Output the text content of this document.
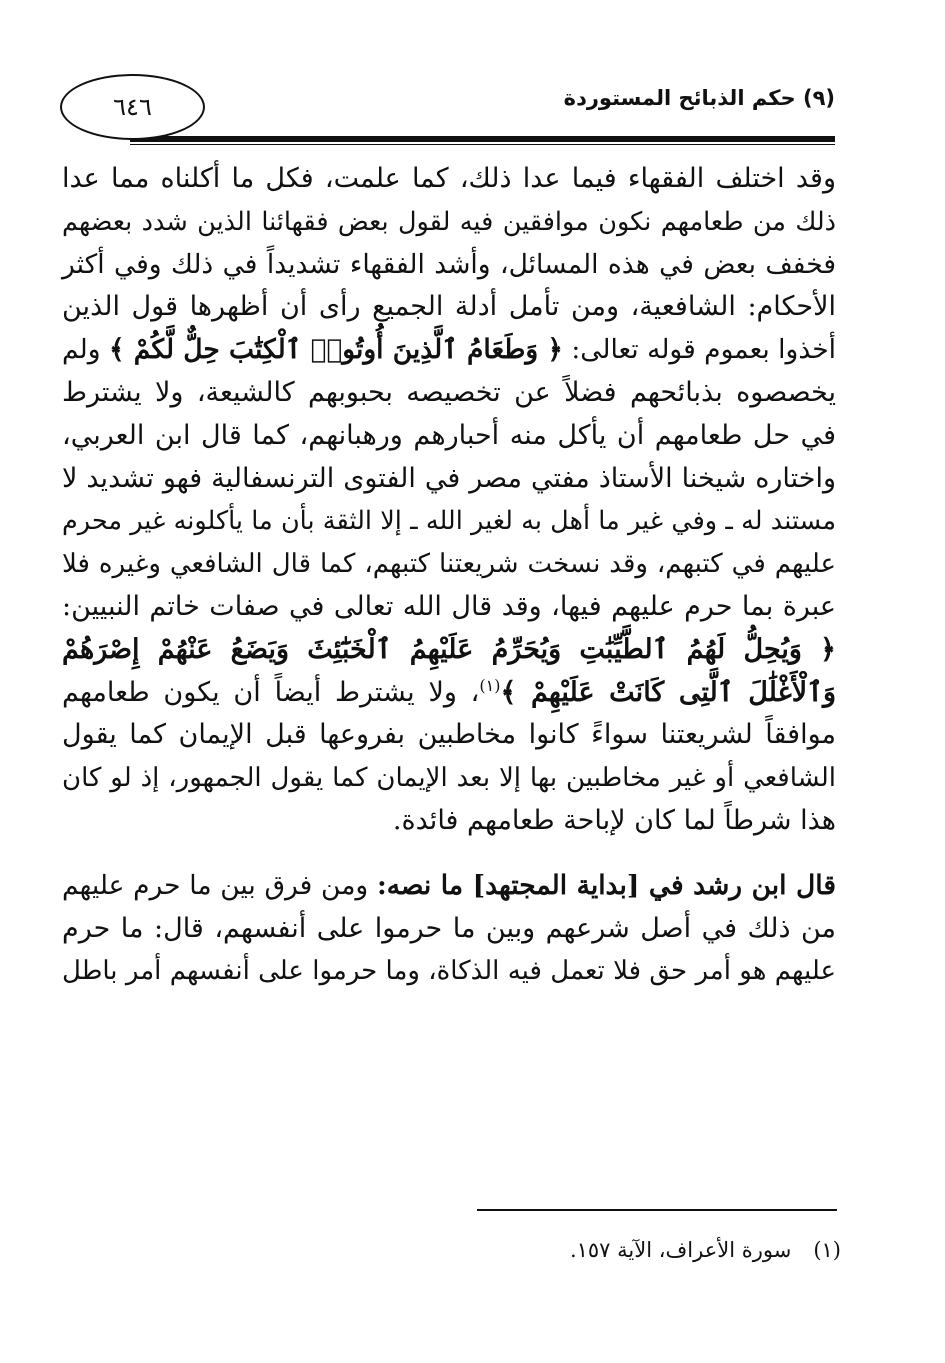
٦٤٦	(٩) حكم الذبائح المستوردة
وقد اختلف الفقهاء فيما عدا ذلك، كما علمت، فكل ما أكلناه مما عدا
ذلك من طعامهم نكون موافقين فيه لقول بعض فقهائنا الذين شدد بعضهم
فخفف بعض في هذه المسائل، وأشد الفقهاء تشديداً في ذلك وفي أكثر
الأحكام: الشافعية، ومن تأمل أدلة الجميع رأى أن أظهرها قول الذين
أخذوا بعموم قوله تعالى: ﴿ وَطَعَامُ ٱلَّذِينَ أُوتُوا۟ ٱلْكِتَٰبَ حِلٌّ لَّكُمْ ﴾ ولم
يخصصوه بذبائحهم فضلاً عن تخصيصه بحبوبهم كالشيعة، ولا يشترط
في حل طعامهم أن يأكل منه أحبارهم ورهبانهم، كما قال ابن العربي،
واختاره شيخنا الأستاذ مفتي مصر في الفتوى الترنسفالية فهو تشديد لا
مستند له ـ وفي غير ما أهل به لغير الله ـ إلا الثقة بأن ما يأكلونه غير محرم
عليهم في كتبهم، وقد نسخت شريعتنا كتبهم، كما قال الشافعي وغيره فلا
عبرة بما حرم عليهم فيها، وقد قال الله تعالى في صفات خاتم النبيين:
﴿ وَيُحِلُّ لَهُمُ ٱلطَّيِّبَٰتِ وَيُحَرِّمُ عَلَيْهِمُ ٱلْخَبَٰٓئِثَ وَيَضَعُ عَنْهُمْ إِصْرَهُمْ
وَٱلْأَغْلَٰلَ ٱلَّتِى كَانَتْ عَلَيْهِمْ ﴾$^{(١)}$، ولا يشترط أيضاً أن يكون طعامهم
موافقاً لشريعتنا سواءً كانوا مخاطبين بفروعها قبل الإيمان كما يقول
الشافعي أو غير مخاطبين بها إلا بعد الإيمان كما يقول الجمهور، إذ لو كان
هذا شرطاً لما كان لإباحة طعامهم فائدة.
قال ابن رشد في [بداية المجتهد] ما نصه: ومن فرق بين ما حرم عليهم
من ذلك في أصل شرعهم وبين ما حرموا على أنفسهم، قال: ما حرم
عليهم هو أمر حق فلا تعمل فيه الذكاة، وما حرموا على أنفسهم أمر باطل
(١)سورة الأعراف، الآية ١٥٧.
